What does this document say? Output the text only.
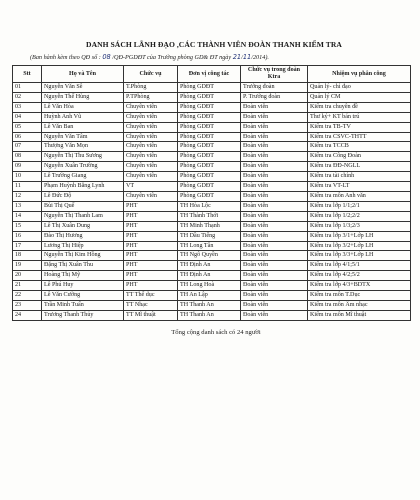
DANH SÁCH LÃNH ĐẠO ,CÁC THÀNH VIÊN ĐOÀN THANH KIỂM TRA
(Ban hành kèm theo QĐ số : 08 /QĐ-PGDĐT của Trường phòng GD& ĐT ngày 21/11/2014).
Stt	Họ và Tên	Chức vụ	Đơn vị công tác	Chức vụ trong đoàn Ktra	Nhiệm vụ phân công
01	Nguyễn Văn Sê	T.Phòng	Phòng GDĐT	Trưởng đoàn	Quản lý- chỉ đạo
02	Nguyễn Thế Hùng	P.TPhòng	Phòng GDĐT	P. Trưởng đoàn	Quản lý CM
03	Lê Văn Hòa	Chuyên viên	Phòng GDĐT	Đoàn viên	Kiểm tra chuyên đề
04	Huỳnh Anh Vũ	Chuyên viên	Phòng GDĐT	Đoàn viên	Thư ký+ KT bán trú
05	Lê Văn Ban	Chuyên viên	Phòng GDĐT	Đoàn viên	Kiểm tra TB-TV
06	Nguyễn Văn Tâm	Chuyên viên	Phòng GDĐT	Đoàn viên	Kiểm tra CSVC-THTT
07	Thượng Văn Mọn	Chuyên viên	Phòng GDĐT	Đoàn viên	Kiểm tra TCCB
08	Nguyễn Thị Thu Sương	Chuyên viên	Phòng GDĐT	Đoàn viên	Kiểm tra Công Đoàn
09	Nguyễn Xuân Trường	Chuyên viên	Phòng GDĐT	Đoàn viên	Kiểm tra ĐĐ-NGLL
10	Lê Trường Giang	Chuyên viên	Phòng GDĐT	Đoàn viên	Kiểm tra tài chính
11	Phạm Huỳnh Băng Lynh	VT	Phòng GDĐT	Đoàn viên	Kiểm tra VT-LT
12	Lê Đức Độ	Chuyên viên	Phòng GDĐT	Đoàn viên	Kiểm tra môn Anh văn
13	Bùi Thị Quế	PHT	TH Hòa Lộc	Đoàn viên	Kiểm tra lớp 1/1;2/1
14	Nguyễn Thị Thanh Lam	PHT	TH Thành Thới	Đoàn viên	Kiểm tra lớp 1/2;2/2
15	Lê Thị Xuân Dung	PHT	TH Minh Thạnh	Đoàn viên	Kiểm tra lớp 1/3;2/3
16	Đào Thị Hương	PHT	TH Dầu Tiếng	Đoàn viên	Kiểm tra lớp 3/1+Lớp LH
17	Lương Thị Hiệp	PHT	TH Long Tân	Đoàn viên	Kiểm tra lớp 3/2+Lớp LH
18	Nguyễn Thị Kim Hồng	PHT	TH Ngô Quyền	Đoàn viên	Kiểm tra lớp 3/3+Lớp LH
19	Đặng Thị Xuân Thu	PHT	TH Định An	Đoàn viên	Kiểm tra lớp 4/1;5/1
20	Hoàng Thị Mỹ	PHT	TH Định An	Đoàn viên	Kiểm tra lớp 4/2;5/2
21	Lê Phú Huy	PHT	TH Long Hoà	Đoàn viên	Kiểm tra lớp 4/3+BDTX
22	Lê Văn Cường	TT Thể dục	TH An Lập	Đoàn viên	Kiểm tra môn T.Dục
23	Trần Minh Tuấn	TT Nhạc	TH Thanh An	Đoàn viên	Kiểm tra môn Âm nhạc
24	Trương Thanh Thủy	TT Mĩ thuật	TH Thanh An	Đoàn viên	Kiểm tra môn Mĩ thuật
Tổng cộng danh sách có 24 người
